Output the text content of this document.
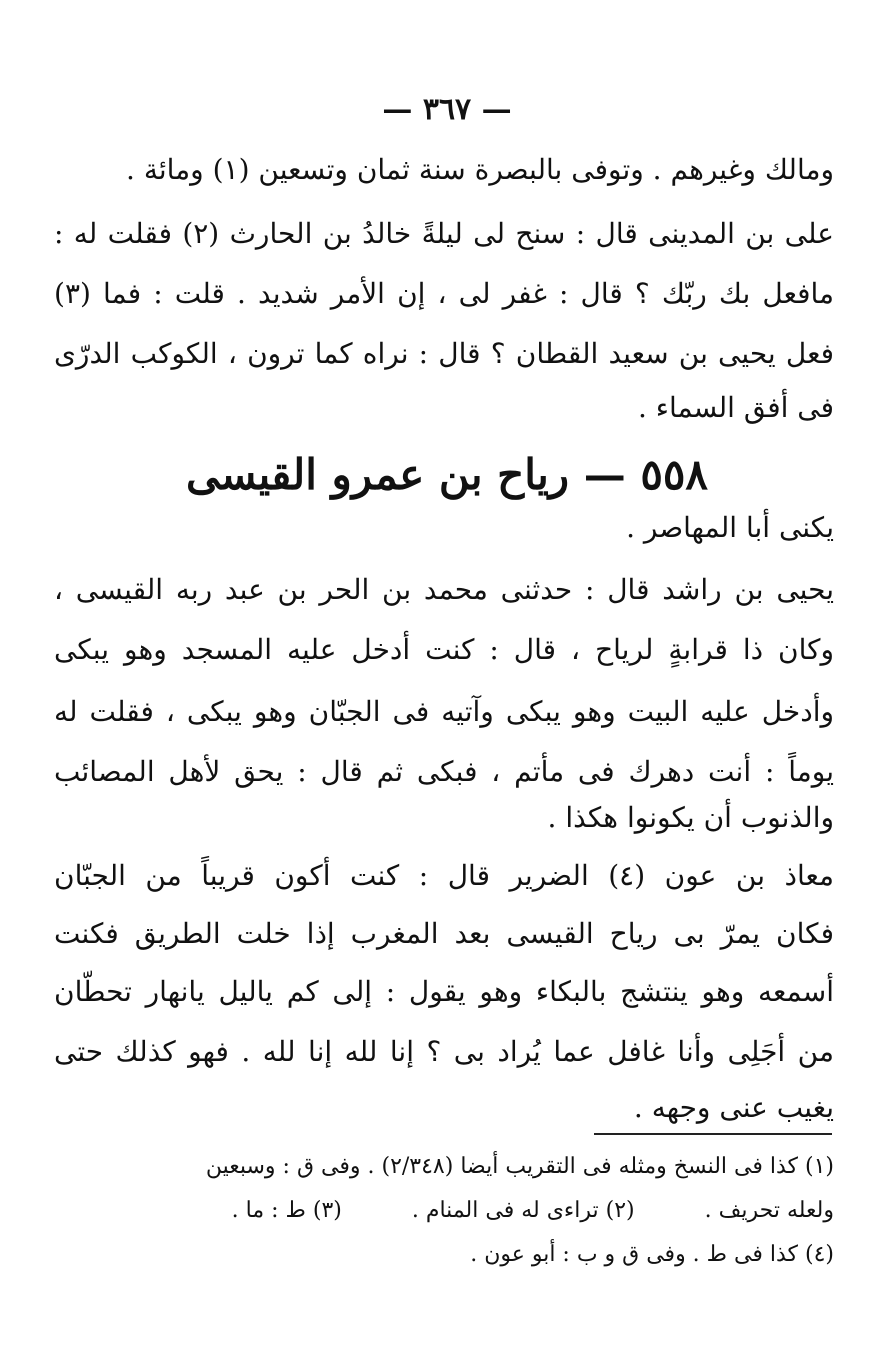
— ٣٦٧ —
ومالك وغيرهم . وتوفى بالبصرة سنة ثمان وتسعين (١) ومائة .
على بن المدينى قال : سنح لى ليلةً خالدُ بن الحارث (٢) فقلت له :
مافعل بك ربّك ؟ قال : غفر لى ، إن الأمر شديد . قلت : فما (٣)
فعل يحيى بن سعيد القطان ؟ قال : نراه كما ترون ، الكوكب الدرّى
فى أفق السماء .
٥٥٨ — رياح بن عمرو القيسى
يكنى أبا المهاصر .
يحيى بن راشد قال : حدثنى محمد بن الحر بن عبد ربه القيسى ،
وكان ذا قرابةٍ لرياح ، قال : كنت أدخل عليه المسجد وهو يبكى
وأدخل عليه البيت وهو يبكى وآتيه فى الجبّان وهو يبكى ، فقلت له
يوماً : أنت دهرك فى مأتم ، فبكى ثم قال : يحق لأهل المصائب
والذنوب أن يكونوا هكذا .
معاذ بن عون (٤) الضرير قال : كنت أكون قريباً من الجبّان
فكان يمرّ بى رياح القيسى بعد المغرب إذا خلت الطريق فكنت
أسمعه وهو ينتشج بالبكاء وهو يقول : إلى كم ياليل يانهار تحطّان
من أجَلِى وأنا غافل عما يُراد بى ؟ إنا لله إنا لله . فهو كذلك حتى
يغيب عنى وجهه .
(١) كذا فى النسخ ومثله فى التقريب أيضا (٢/٣٤٨) . وفى ق : وسبعين
ولعله تحريف .(٢) تراءى له فى المنام .(٣) ط : ما .
(٤) كذا فى ط . وفى ق و ب : أبو عون .
